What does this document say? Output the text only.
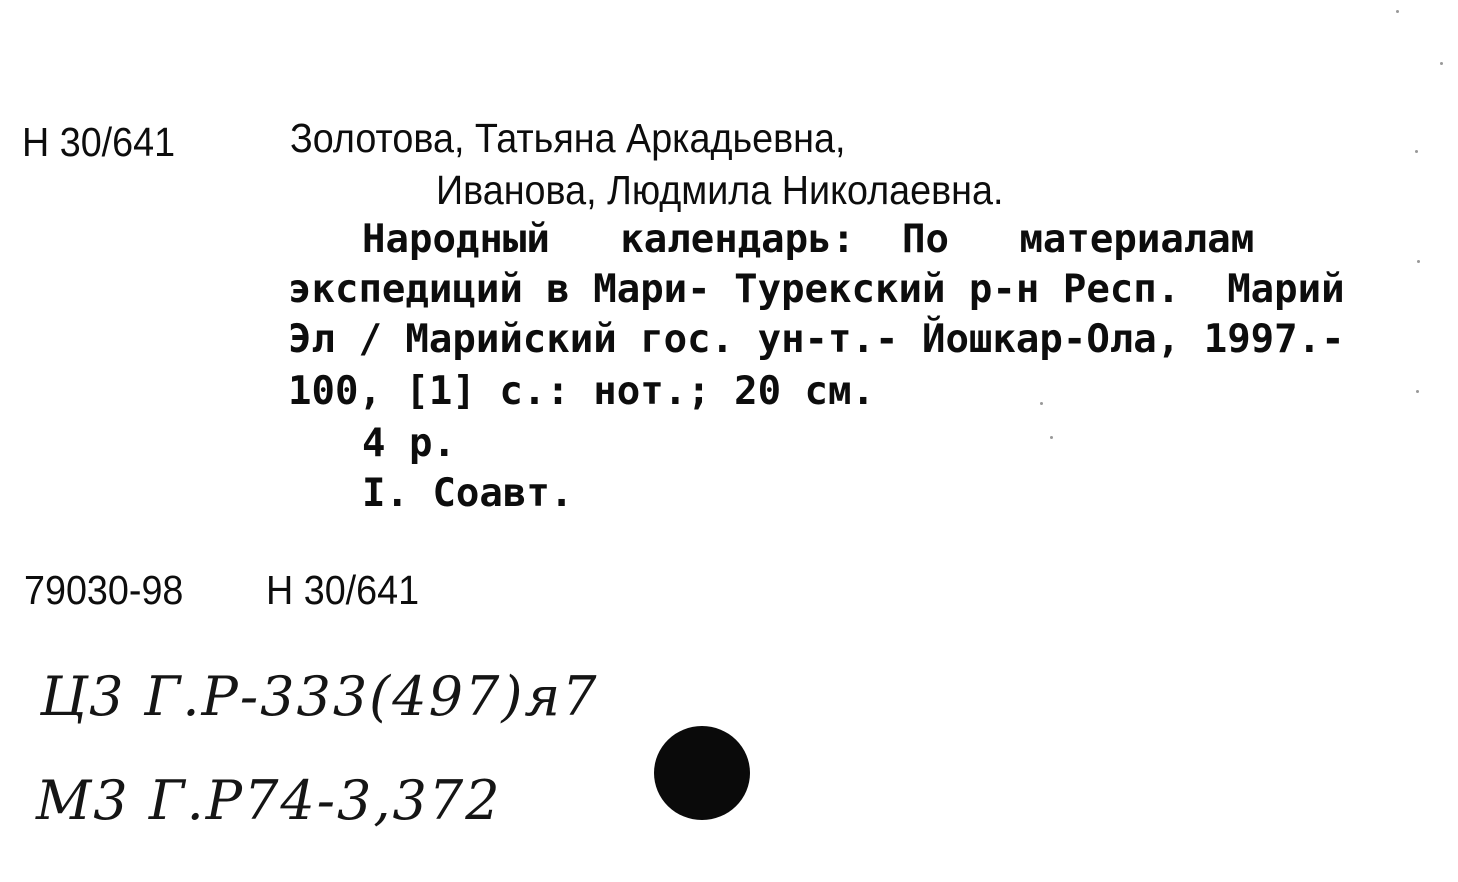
Н 30/641	Золотова, Татьяна Аркадьевна,
Иванова, Людмила Николаевна.
Народный   календарь:  По   материалам
экспедиций в Мари- Турекский р-н Респ.  Марий
Эл / Марийский гос. ун-т.- Йошкар-Ола, 1997.-
100, [1] с.: нот.; 20 см.
4 р.
I. Соавт.
79030-98 Н 30/641
Ц3 Г.Р-333(497)я7
М3 Г.Р74-3,372
